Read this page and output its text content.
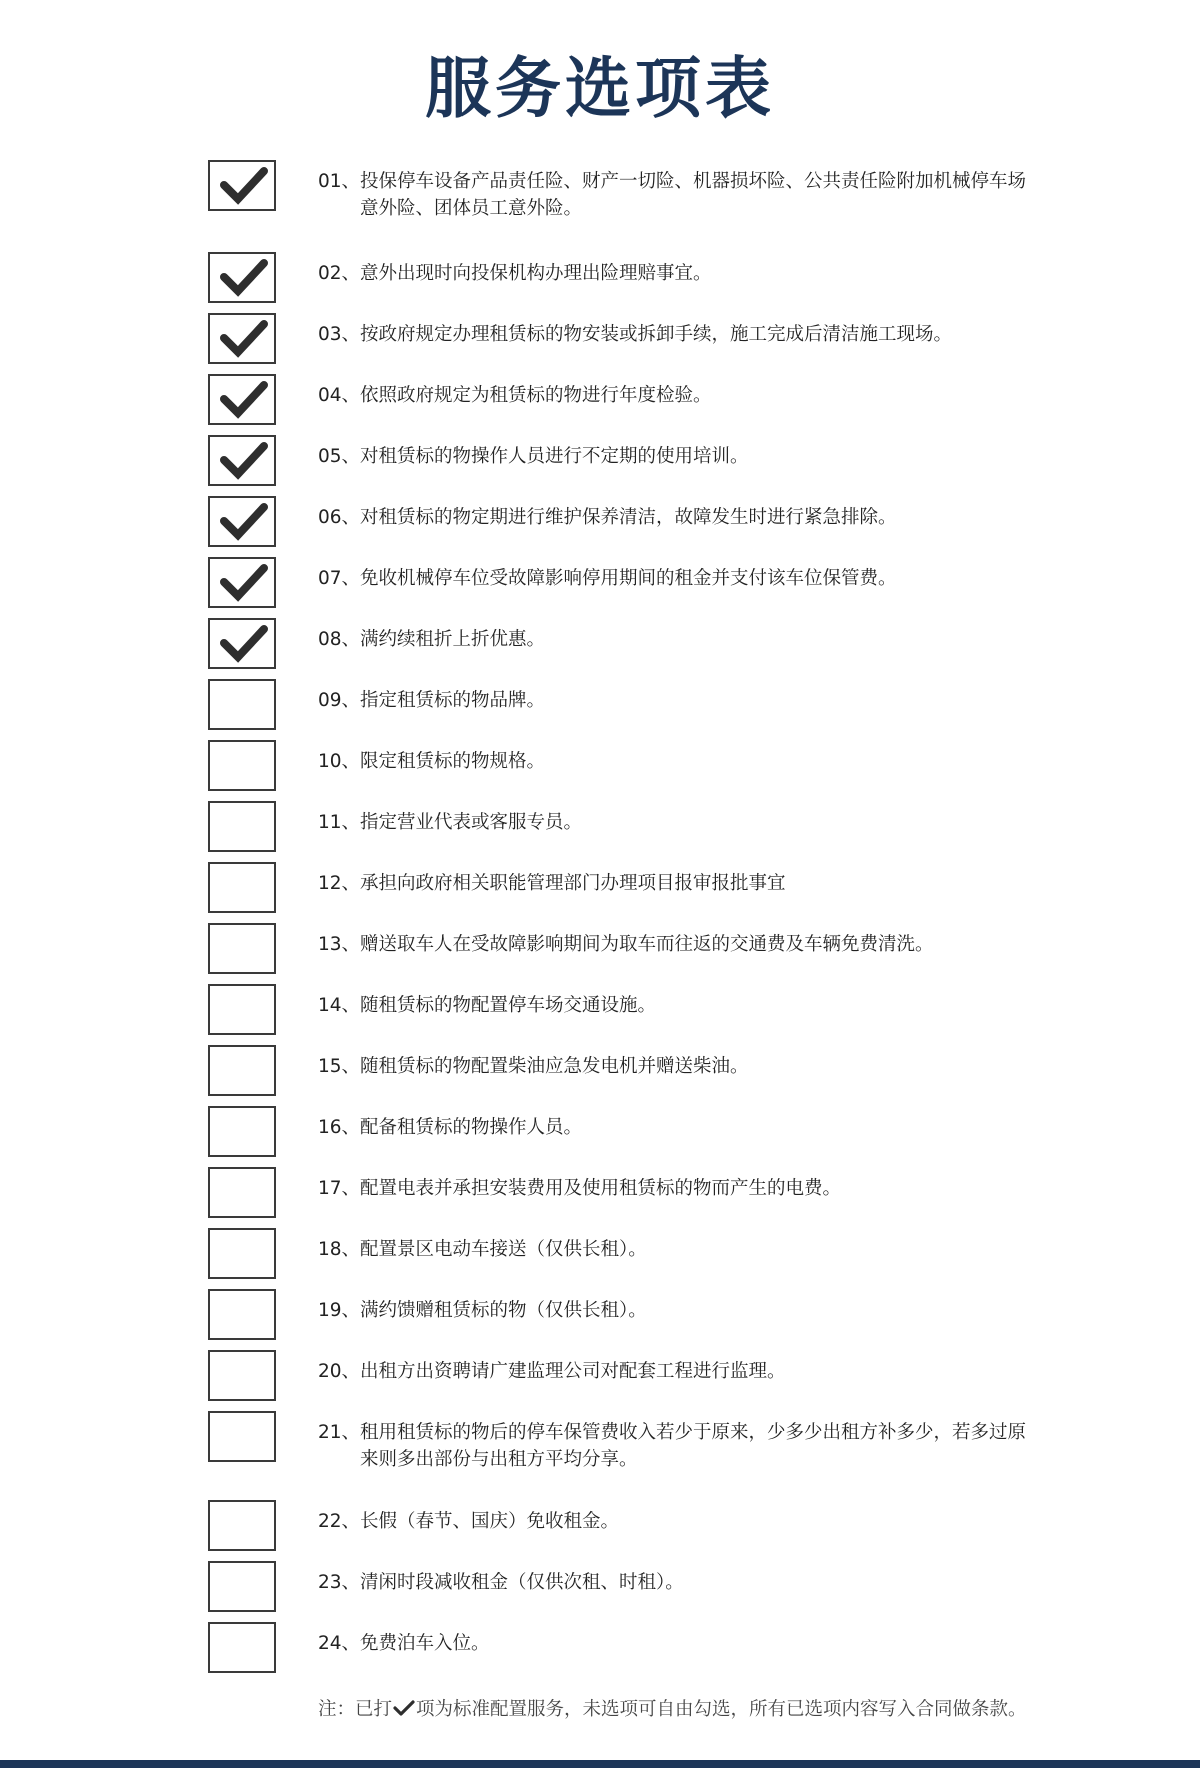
服务选项表
01、 投保停车设备产品责任险、财产一切险、机器损坏险、公共责任险附加机械停车场意外险、团体员工意外险。
02、 意外出现时向投保机构办理出险理赔事宜。
03、 按政府规定办理租赁标的物安装或拆卸手续，施工完成后清洁施工现场。
04、 依照政府规定为租赁标的物进行年度检验。
05、 对租赁标的物操作人员进行不定期的使用培训。
06、 对租赁标的物定期进行维护保养清洁，故障发生时进行紧急排除。
07、 免收机械停车位受故障影响停用期间的租金并支付该车位保管费。
08、 满约续租折上折优惠。
09、 指定租赁标的物品牌。
10、 限定租赁标的物规格。
11、 指定营业代表或客服专员。
12、 承担向政府相关职能管理部门办理项目报审报批事宜
13、 赠送取车人在受故障影响期间为取车而往返的交通费及车辆免费清洗。
14、 随租赁标的物配置停车场交通设施。
15、 随租赁标的物配置柴油应急发电机并赠送柴油。
16、 配备租赁标的物操作人员。
17、 配置电表并承担安装费用及使用租赁标的物而产生的电费。
18、 配置景区电动车接送（仅供长租）。
19、 满约馈赠租赁标的物（仅供长租）。
20、 出租方出资聘请广建监理公司对配套工程进行监理。
21、 租用租赁标的物后的停车保管费收入若少于原来，少多少出租方补多少，若多过原来则多出部份与出租方平均分享。
22、 长假（春节、国庆）免收租金。
23、 清闲时段减收租金（仅供次租、时租）。
24、 免费泊车入位。
注：已打 项为标准配置服务，未选项可自由勾选，所有已选项内容写入合同做条款。
